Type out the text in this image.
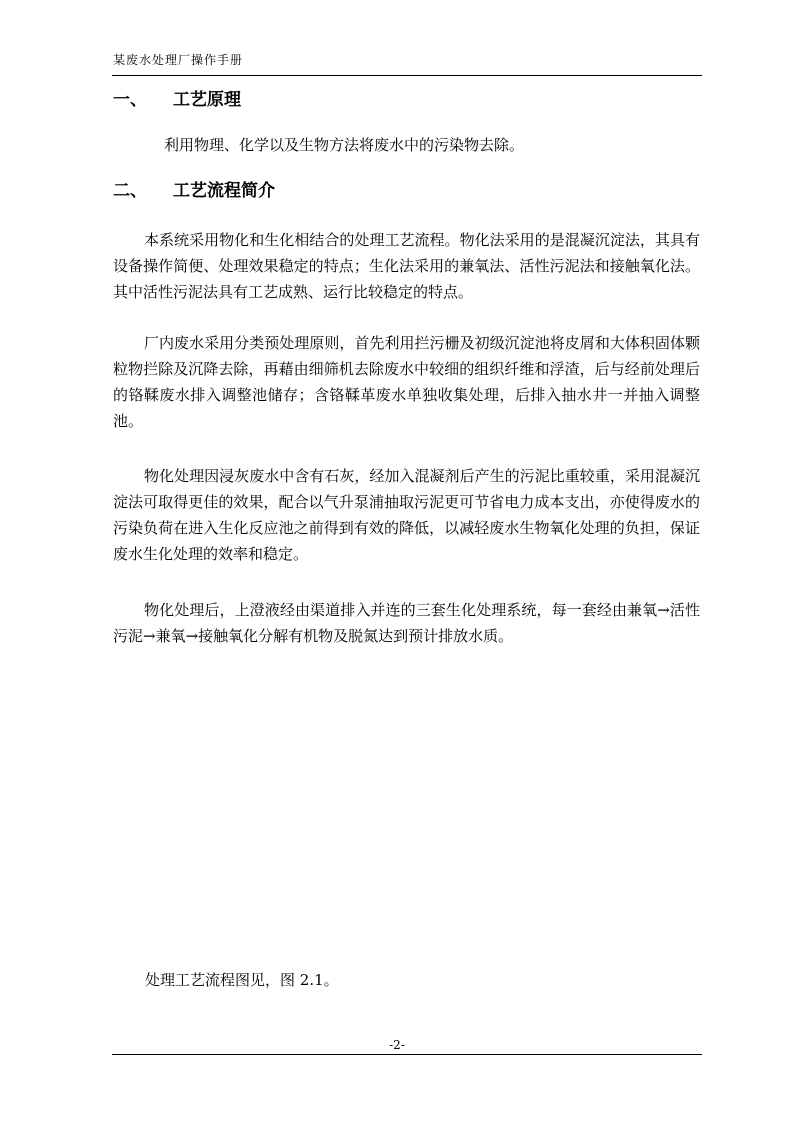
某废水处理厂操作手册
一、 工艺原理
利用物理、化学以及生物方法将废水中的污染物去除。
二、 工艺流程简介

本系统采用物化和生化相结合的处理工艺流程。物化法采用的是混凝沉淀法，其具有设备操作简便、处理效果稳定的特点；生化法采用的兼氧法、活性污泥法和接触氧化法。其中活性污泥法具有工艺成熟、运行比较稳定的特点。

厂内废水采用分类预处理原则，首先利用拦污栅及初级沉淀池将皮屑和大体积固体颗粒物拦除及沉降去除，再藉由细筛机去除废水中较细的组织纤维和浮渣，后与经前处理后的铬鞣废水排入调整池储存；含铬鞣革废水单独收集处理，后排入抽水井一并抽入调整池。

物化处理因浸灰废水中含有石灰，经加入混凝剂后产生的污泥比重较重，采用混凝沉淀法可取得更佳的效果，配合以气升泵浦抽取污泥更可节省电力成本支出，亦使得废水的污染负荷在进入生化反应池之前得到有效的降低，以减轻废水生物氧化处理的负担，保证废水生化处理的效率和稳定。

物化处理后，上澄液经由渠道排入并连的三套生化处理系统，每一套经由兼氧→活性污泥→兼氧→接触氧化分解有机物及脱氮达到预计排放水质。

处理工艺流程图见，图 2.1。
-2-
